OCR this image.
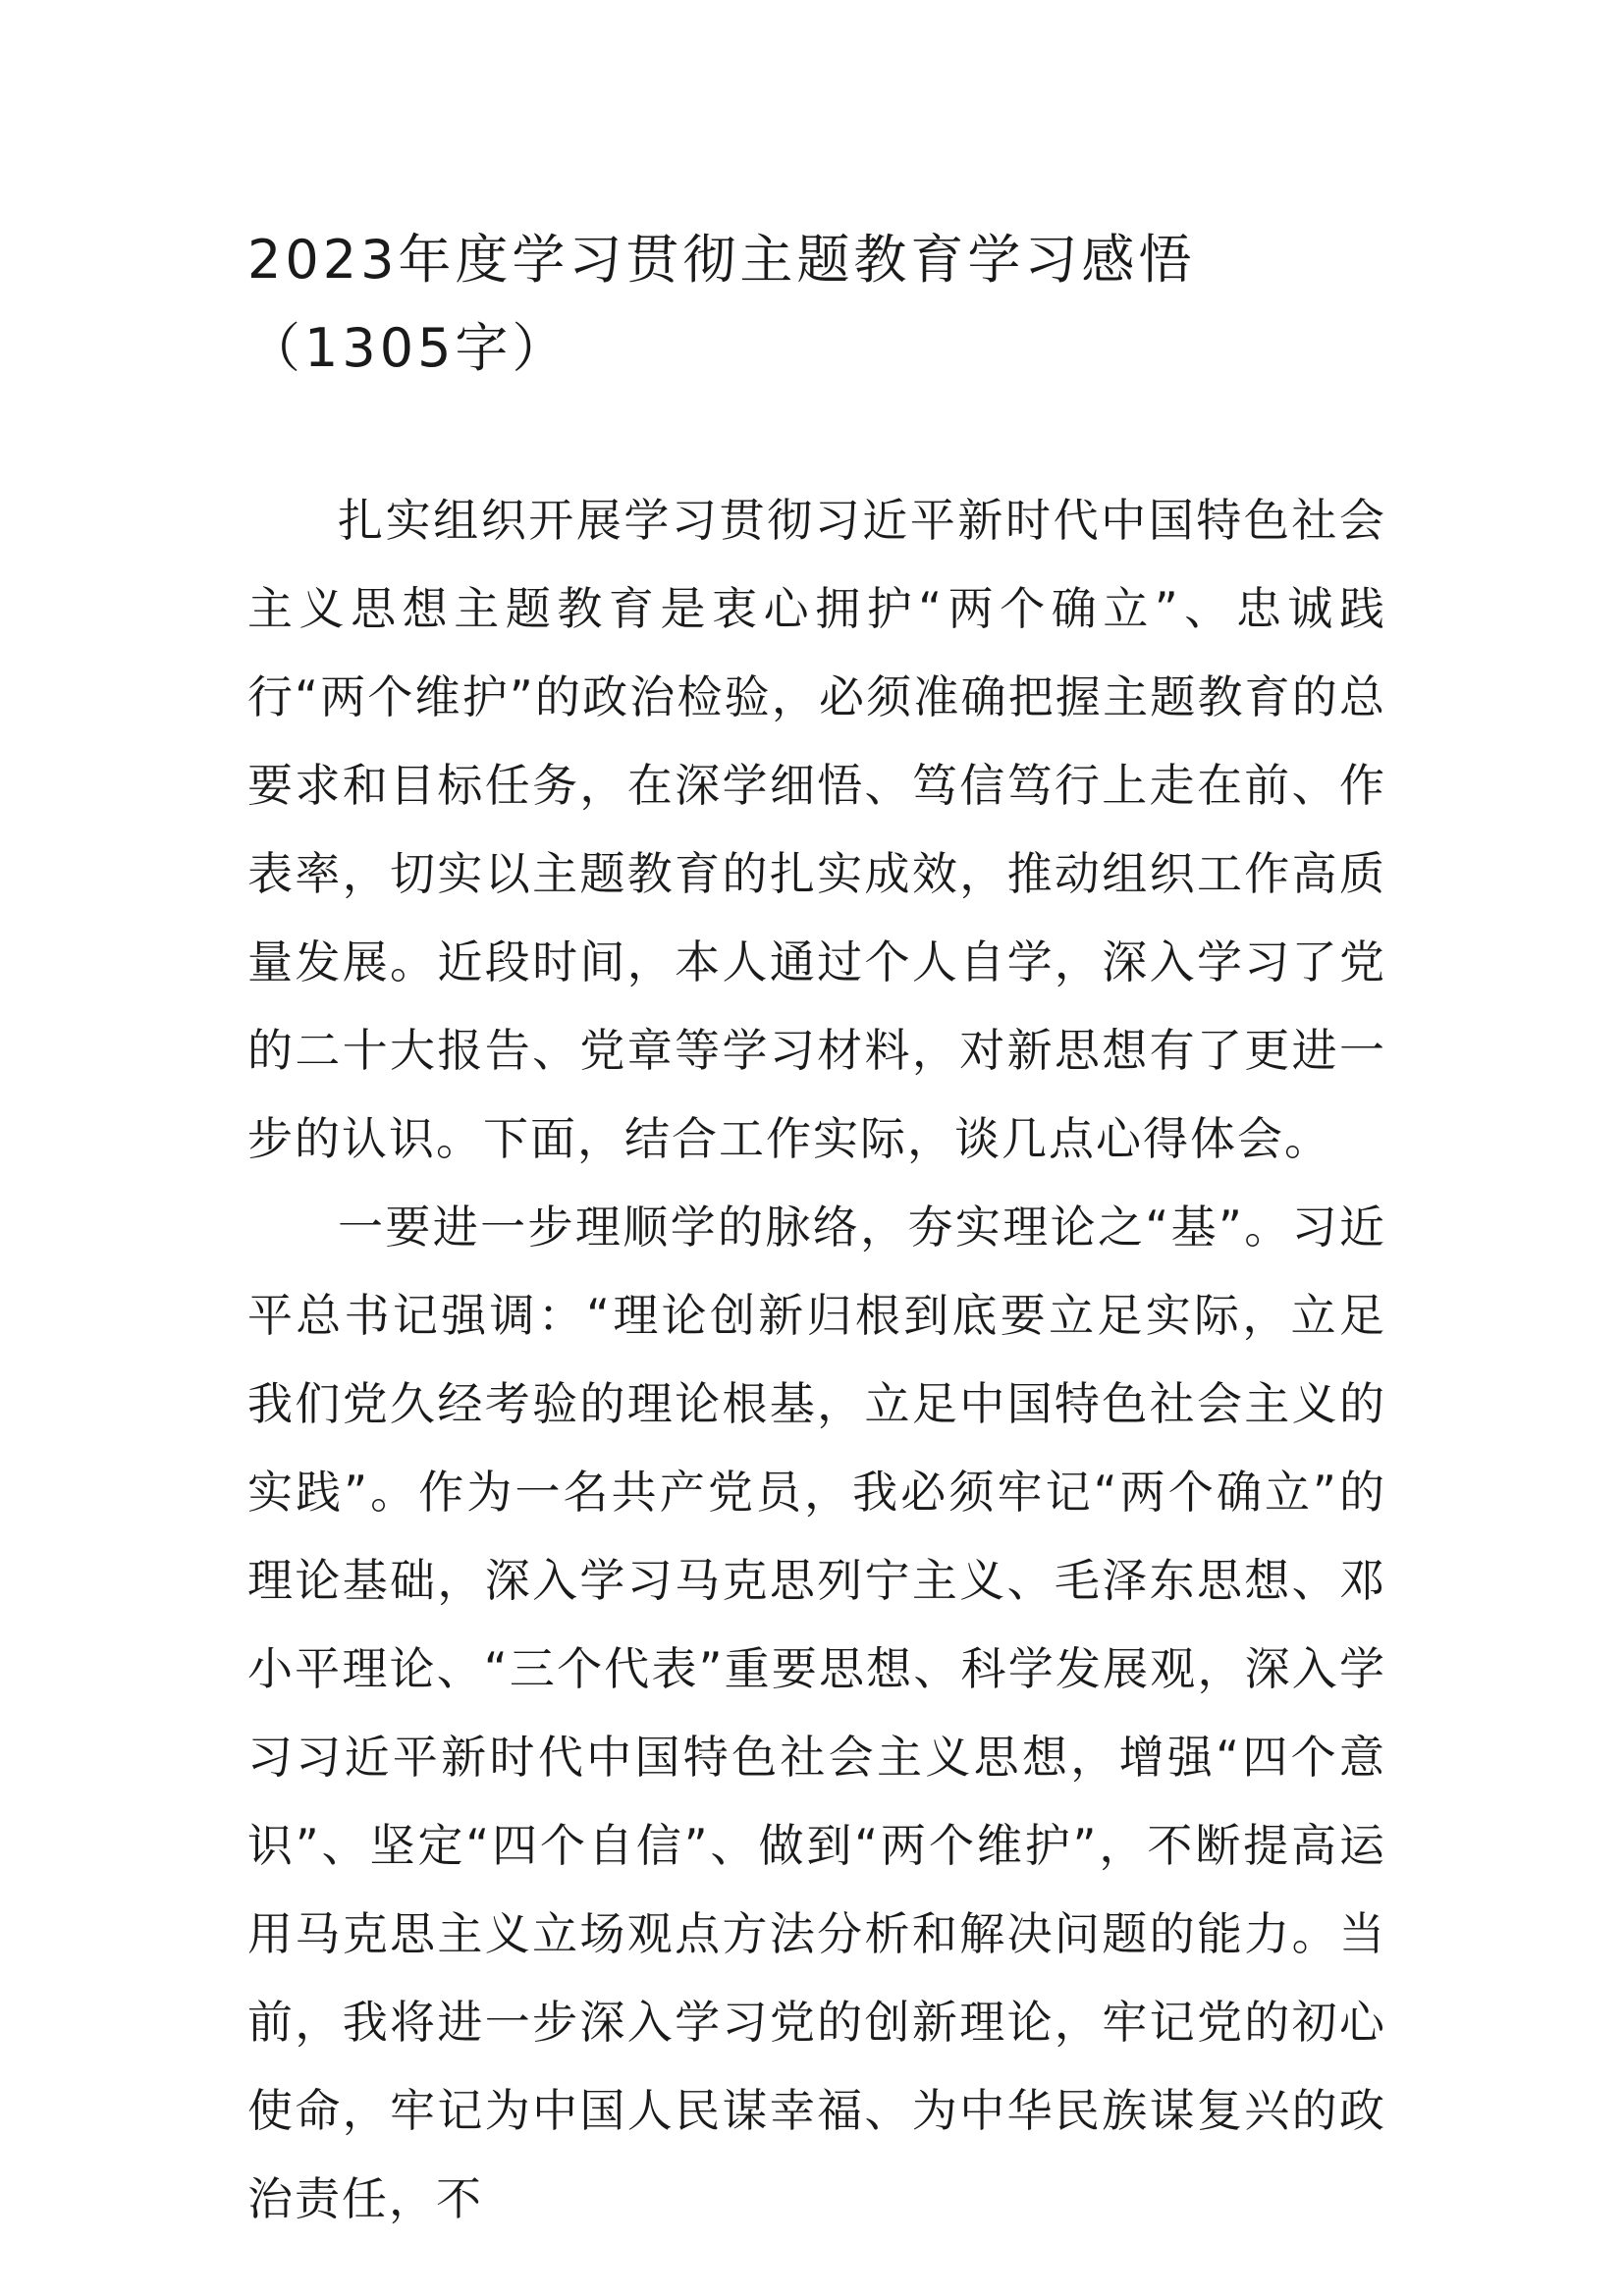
2023年度学习贯彻主题教育学习感悟（1305字）

扎实组织开展学习贯彻习近平新时代中国特色社会主义思想主题教育是衷心拥护“两个确立”、忠诚践行“两个维护”的政治检验，必须准确把握主题教育的总要求和目标任务，在深学细悟、笃信笃行上走在前、作表率，切实以主题教育的扎实成效，推动组织工作高质量发展。近段时间，本人通过个人自学，深入学习了党的二十大报告、党章等学习材料，对新思想有了更进一步的认识。下面，结合工作实际，谈几点心得体会。

一要进一步理顺学的脉络，夯实理论之“基”。习近平总书记强调：“理论创新归根到底要立足实际，立足我们党久经考验的理论根基，立足中国特色社会主义的实践”。作为一名共产党员，我必须牢记“两个确立”的理论基础，深入学习马克思列宁主义、毛泽东思想、邓小平理论、“三个代表”重要思想、科学发展观，深入学习习近平新时代中国特色社会主义思想，增强“四个意识”、坚定“四个自信”、做到“两个维护”，不断提高运用马克思主义立场观点方法分析和解决问题的能力。当前，我将进一步深入学习党的创新理论，牢记党的初心使命，牢记为中国人民谋幸福、为中华民族谋复兴的政治责任，不
